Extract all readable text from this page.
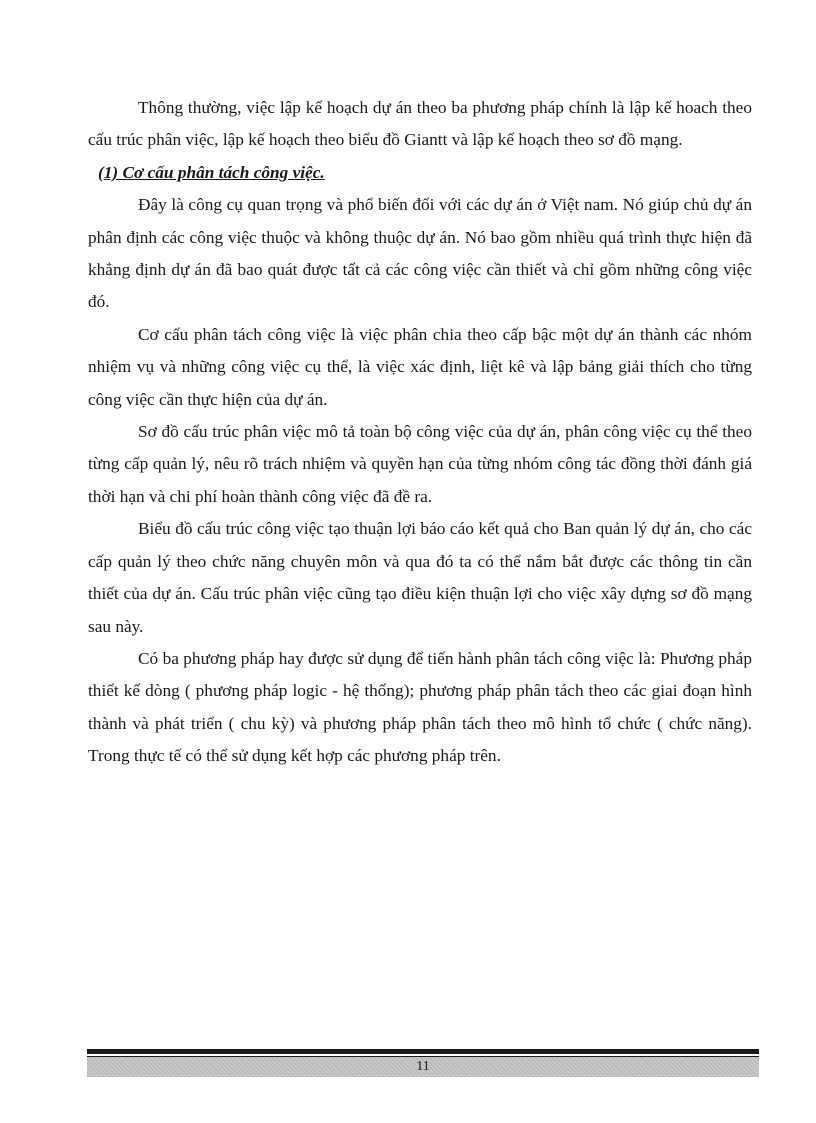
Thông thường, việc lập kế hoạch dự án theo ba phương pháp chính là lập kế hoach theo cấu trúc phân việc, lập kế hoạch theo biểu đồ Giantt và lập kế hoạch theo sơ đồ mạng.

(1) Cơ cấu phân tách công việc.

Đây là công cụ quan trọng và phổ biến đối với các dự án ở Việt nam. Nó giúp chủ dự án phân định các công việc thuộc và không thuộc dự án. Nó bao gồm nhiều quá trình thực hiện đã khẳng định dự án đã bao quát được tất cả các công việc cần thiết và chỉ gồm những công việc đó.

Cơ cấu phân tách công việc là việc phân chia theo cấp bậc một dự án thành các nhóm nhiệm vụ và những công việc cụ thể, là việc xác định, liệt kê và lập bảng giải thích cho từng công việc cần thực hiện của dự án.

Sơ đồ cấu trúc phân việc mô tả toàn bộ công việc của dự án, phân công việc cụ thể theo từng cấp quản lý, nêu rõ trách nhiệm và quyền hạn của từng nhóm công tác đồng thời đánh giá thời hạn và chi phí hoàn thành công việc đã đề ra.

Biểu đồ cấu trúc công việc tạo thuận lợi báo cáo kết quả cho Ban quản lý dự án, cho các cấp quản lý theo chức năng chuyên môn và qua đó ta có thể nắm bắt được các thông tin cần thiết của dự án. Cấu trúc phân việc cũng tạo điều kiện thuận lợi cho việc xây dựng sơ đồ mạng sau này.

Có ba phương pháp hay được sử dụng để tiến hành phân tách công việc là: Phương pháp thiết kế dòng ( phương pháp logic - hệ thống); phương pháp phân tách theo các giai đoạn hình thành và phát triển ( chu kỳ) và phương pháp phân tách theo mô hình tổ chức ( chức năng). Trong thực tế có thể sử dụng kết hợp các phương pháp trên.

11
